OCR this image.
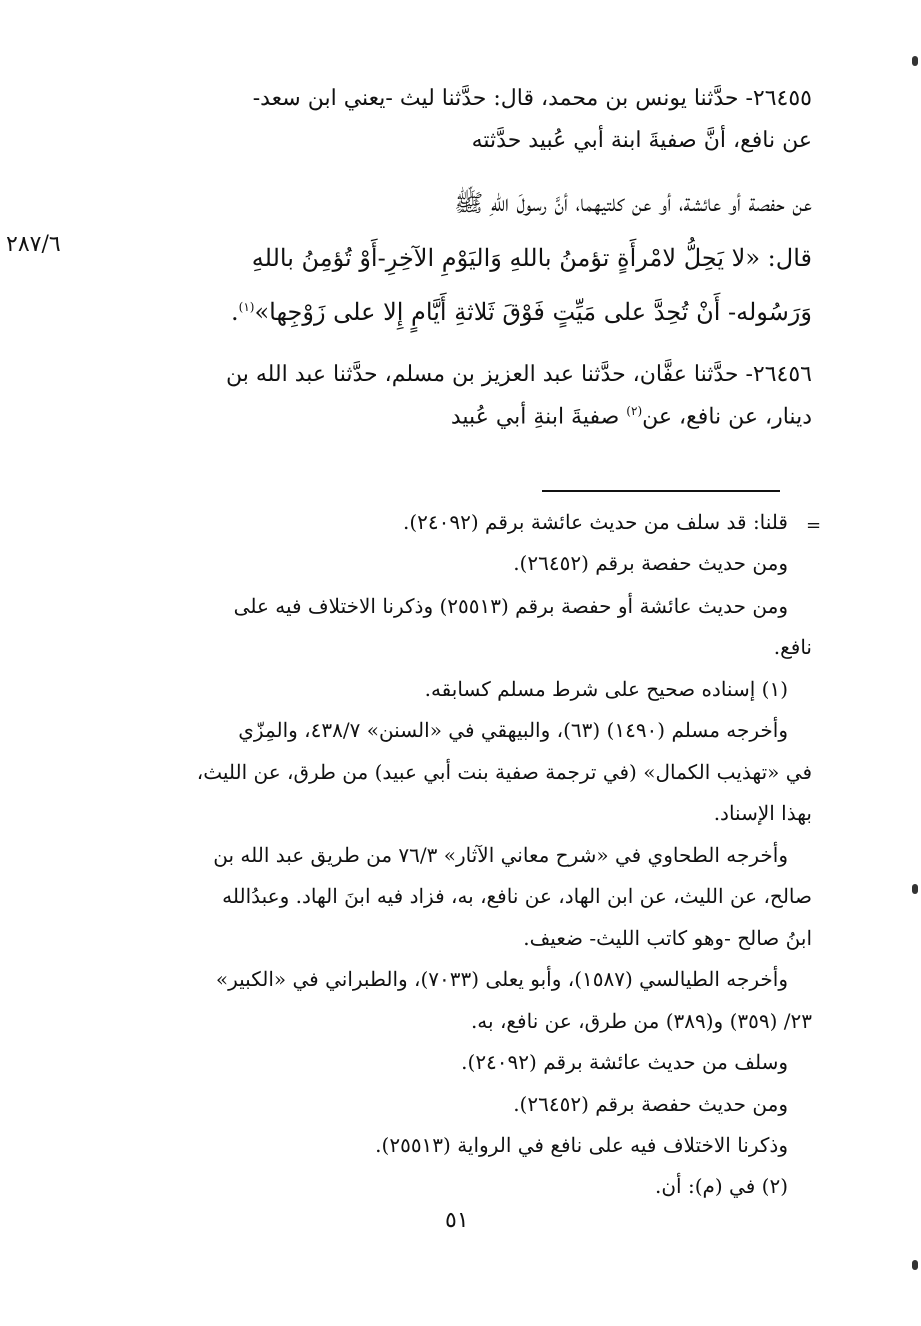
٢٨٧/٦
٢٦٤٥٥- حدَّثنا يونس بن محمد، قال: حدَّثنا ليث -يعني ابن سعد-
عن نافع، أنَّ صفيةَ ابنة أبي عُبيد حدَّثته
عن حفصة أو عائشة، أو عن كلتيهما، أنَّ رسولَ اللهِ ﷺ
قال: «لا يَحِلُّ لامْرأَةٍ تؤمنُ باللهِ وَاليَوْمِ الآخِرِ-أَوْ تُؤمِنُ باللهِ
وَرَسُوله- أَنْ تُحِدَّ على مَيِّتٍ فَوْقَ ثَلاثةِ أَيَّامٍ إِلا على زَوْجِها»$^{(١)}$.
٢٦٤٥٦- حدَّثنا عفَّان، حدَّثنا عبد العزيز بن مسلم، حدَّثنا عبد الله بن
دينار، عن نافع، عن$^{(٢)}$ صفيةَ ابنةِ أبي عُبيد
=
قلنا: قد سلف من حديث عائشة برقم (٢٤٠٩٢).
ومن حديث حفصة برقم (٢٦٤٥٢).
ومن حديث عائشة أو حفصة برقم (٢٥٥١٣) وذكرنا الاختلاف فيه على
نافع.
(١) إسناده صحيح على شرط مسلم كسابقه.
وأخرجه مسلم (١٤٩٠) (٦٣)، والبيهقي في «السنن» ٤٣٨/٧، والمِزّي
في «تهذيب الكمال» (في ترجمة صفية بنت أبي عبيد) من طرق، عن الليث،
بهذا الإسناد.
وأخرجه الطحاوي في «شرح معاني الآثار» ٧٦/٣ من طريق عبد الله بن
صالح، عن الليث، عن ابن الهاد، عن نافع، به، فزاد فيه ابنَ الهاد. وعبدُالله
ابنُ صالح -وهو كاتب الليث- ضعيف.
وأخرجه الطيالسي (١٥٨٧)، وأبو يعلى (٧٠٣٣)، والطبراني في «الكبير»
٢٣/ (٣٥٩) و(٣٨٩) من طرق، عن نافع، به.
وسلف من حديث عائشة برقم (٢٤٠٩٢).
ومن حديث حفصة برقم (٢٦٤٥٢).
وذكرنا الاختلاف فيه على نافع في الرواية (٢٥٥١٣).
(٢) في (م): أن.
٥١
